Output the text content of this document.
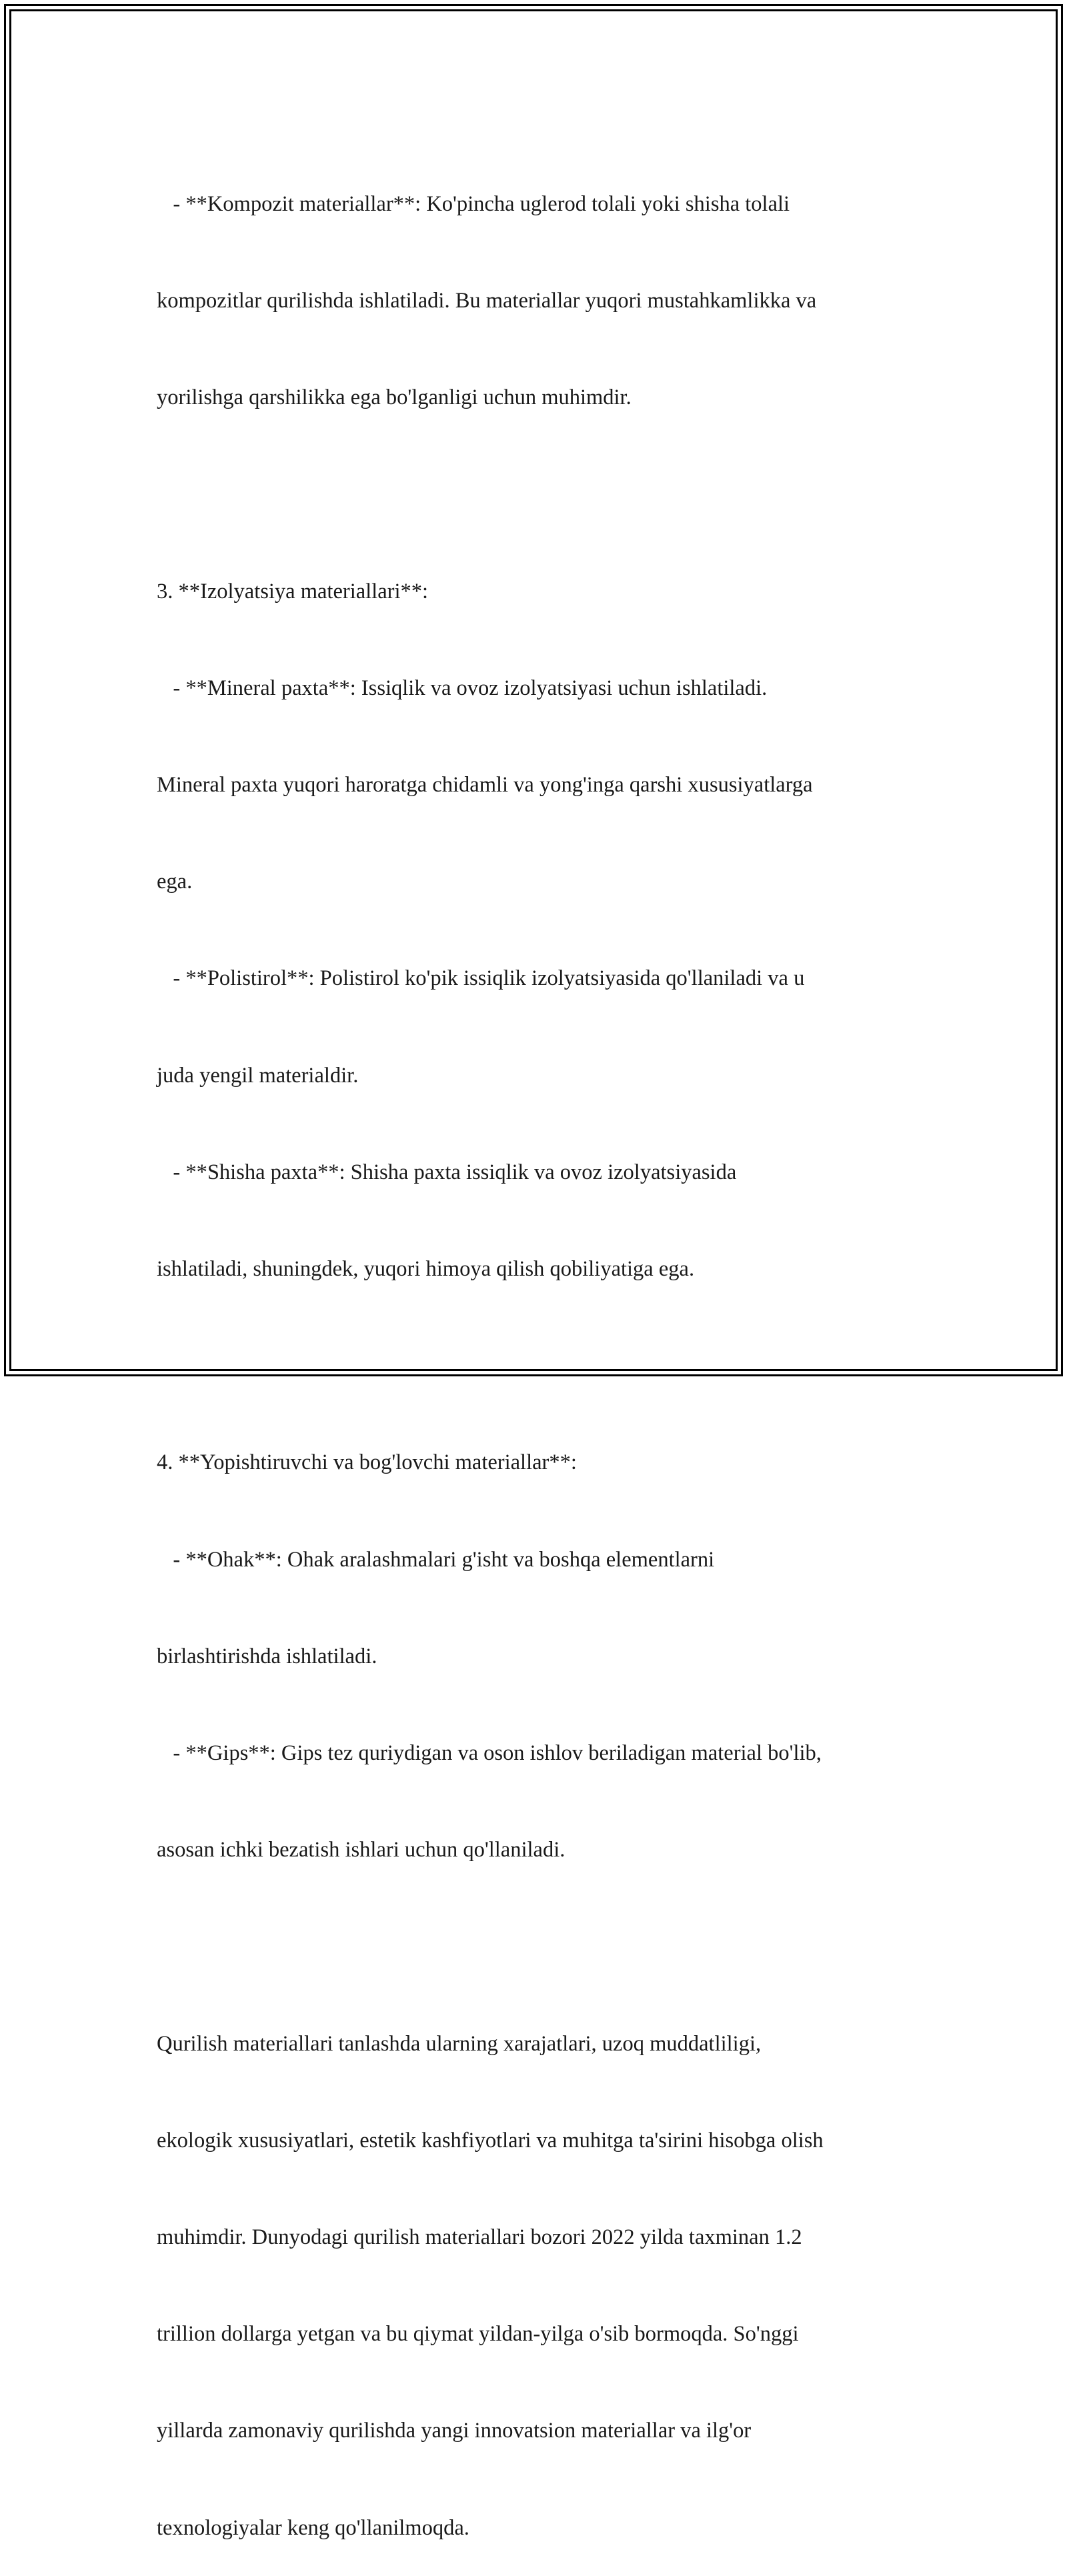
- **Kompozit materiallar**: Ko'pincha uglerod tolali yoki shisha tolali

kompozitlar qurilishda ishlatiladi. Bu materiallar yuqori mustahkamlikka va

yorilishga qarshilikka ega bo'lganligi uchun muhimdir.

3. **Izolyatsiya materiallari**:

- **Mineral paxta**: Issiqlik va ovoz izolyatsiyasi uchun ishlatiladi.

Mineral paxta yuqori haroratga chidamli va yong'inga qarshi xususiyatlarga

ega.

- **Polistirol**: Polistirol ko'pik issiqlik izolyatsiyasida qo'llaniladi va u

juda yengil materialdir.

- **Shisha paxta**: Shisha paxta issiqlik va ovoz izolyatsiyasida

ishlatiladi, shuningdek, yuqori himoya qilish qobiliyatiga ega.

4. **Yopishtiruvchi va bog'lovchi materiallar**:

- **Ohak**: Ohak aralashmalari g'isht va boshqa elementlarni

birlashtirishda ishlatiladi.

- **Gips**: Gips tez quriydigan va oson ishlov beriladigan material bo'lib,

asosan ichki bezatish ishlari uchun qo'llaniladi.

Qurilish materiallari tanlashda ularning xarajatlari, uzoq muddatliligi,

ekologik xususiyatlari, estetik kashfiyotlari va muhitga ta'sirini hisobga olish

muhimdir. Dunyodagi qurilish materiallari bozori 2022 yilda taxminan 1.2

trillion dollarga yetgan va bu qiymat yildan-yilga o'sib bormoqda. So'nggi

yillarda zamonaviy qurilishda yangi innovatsion materiallar va ilg'or

texnologiyalar keng qo'llanilmoqda.
